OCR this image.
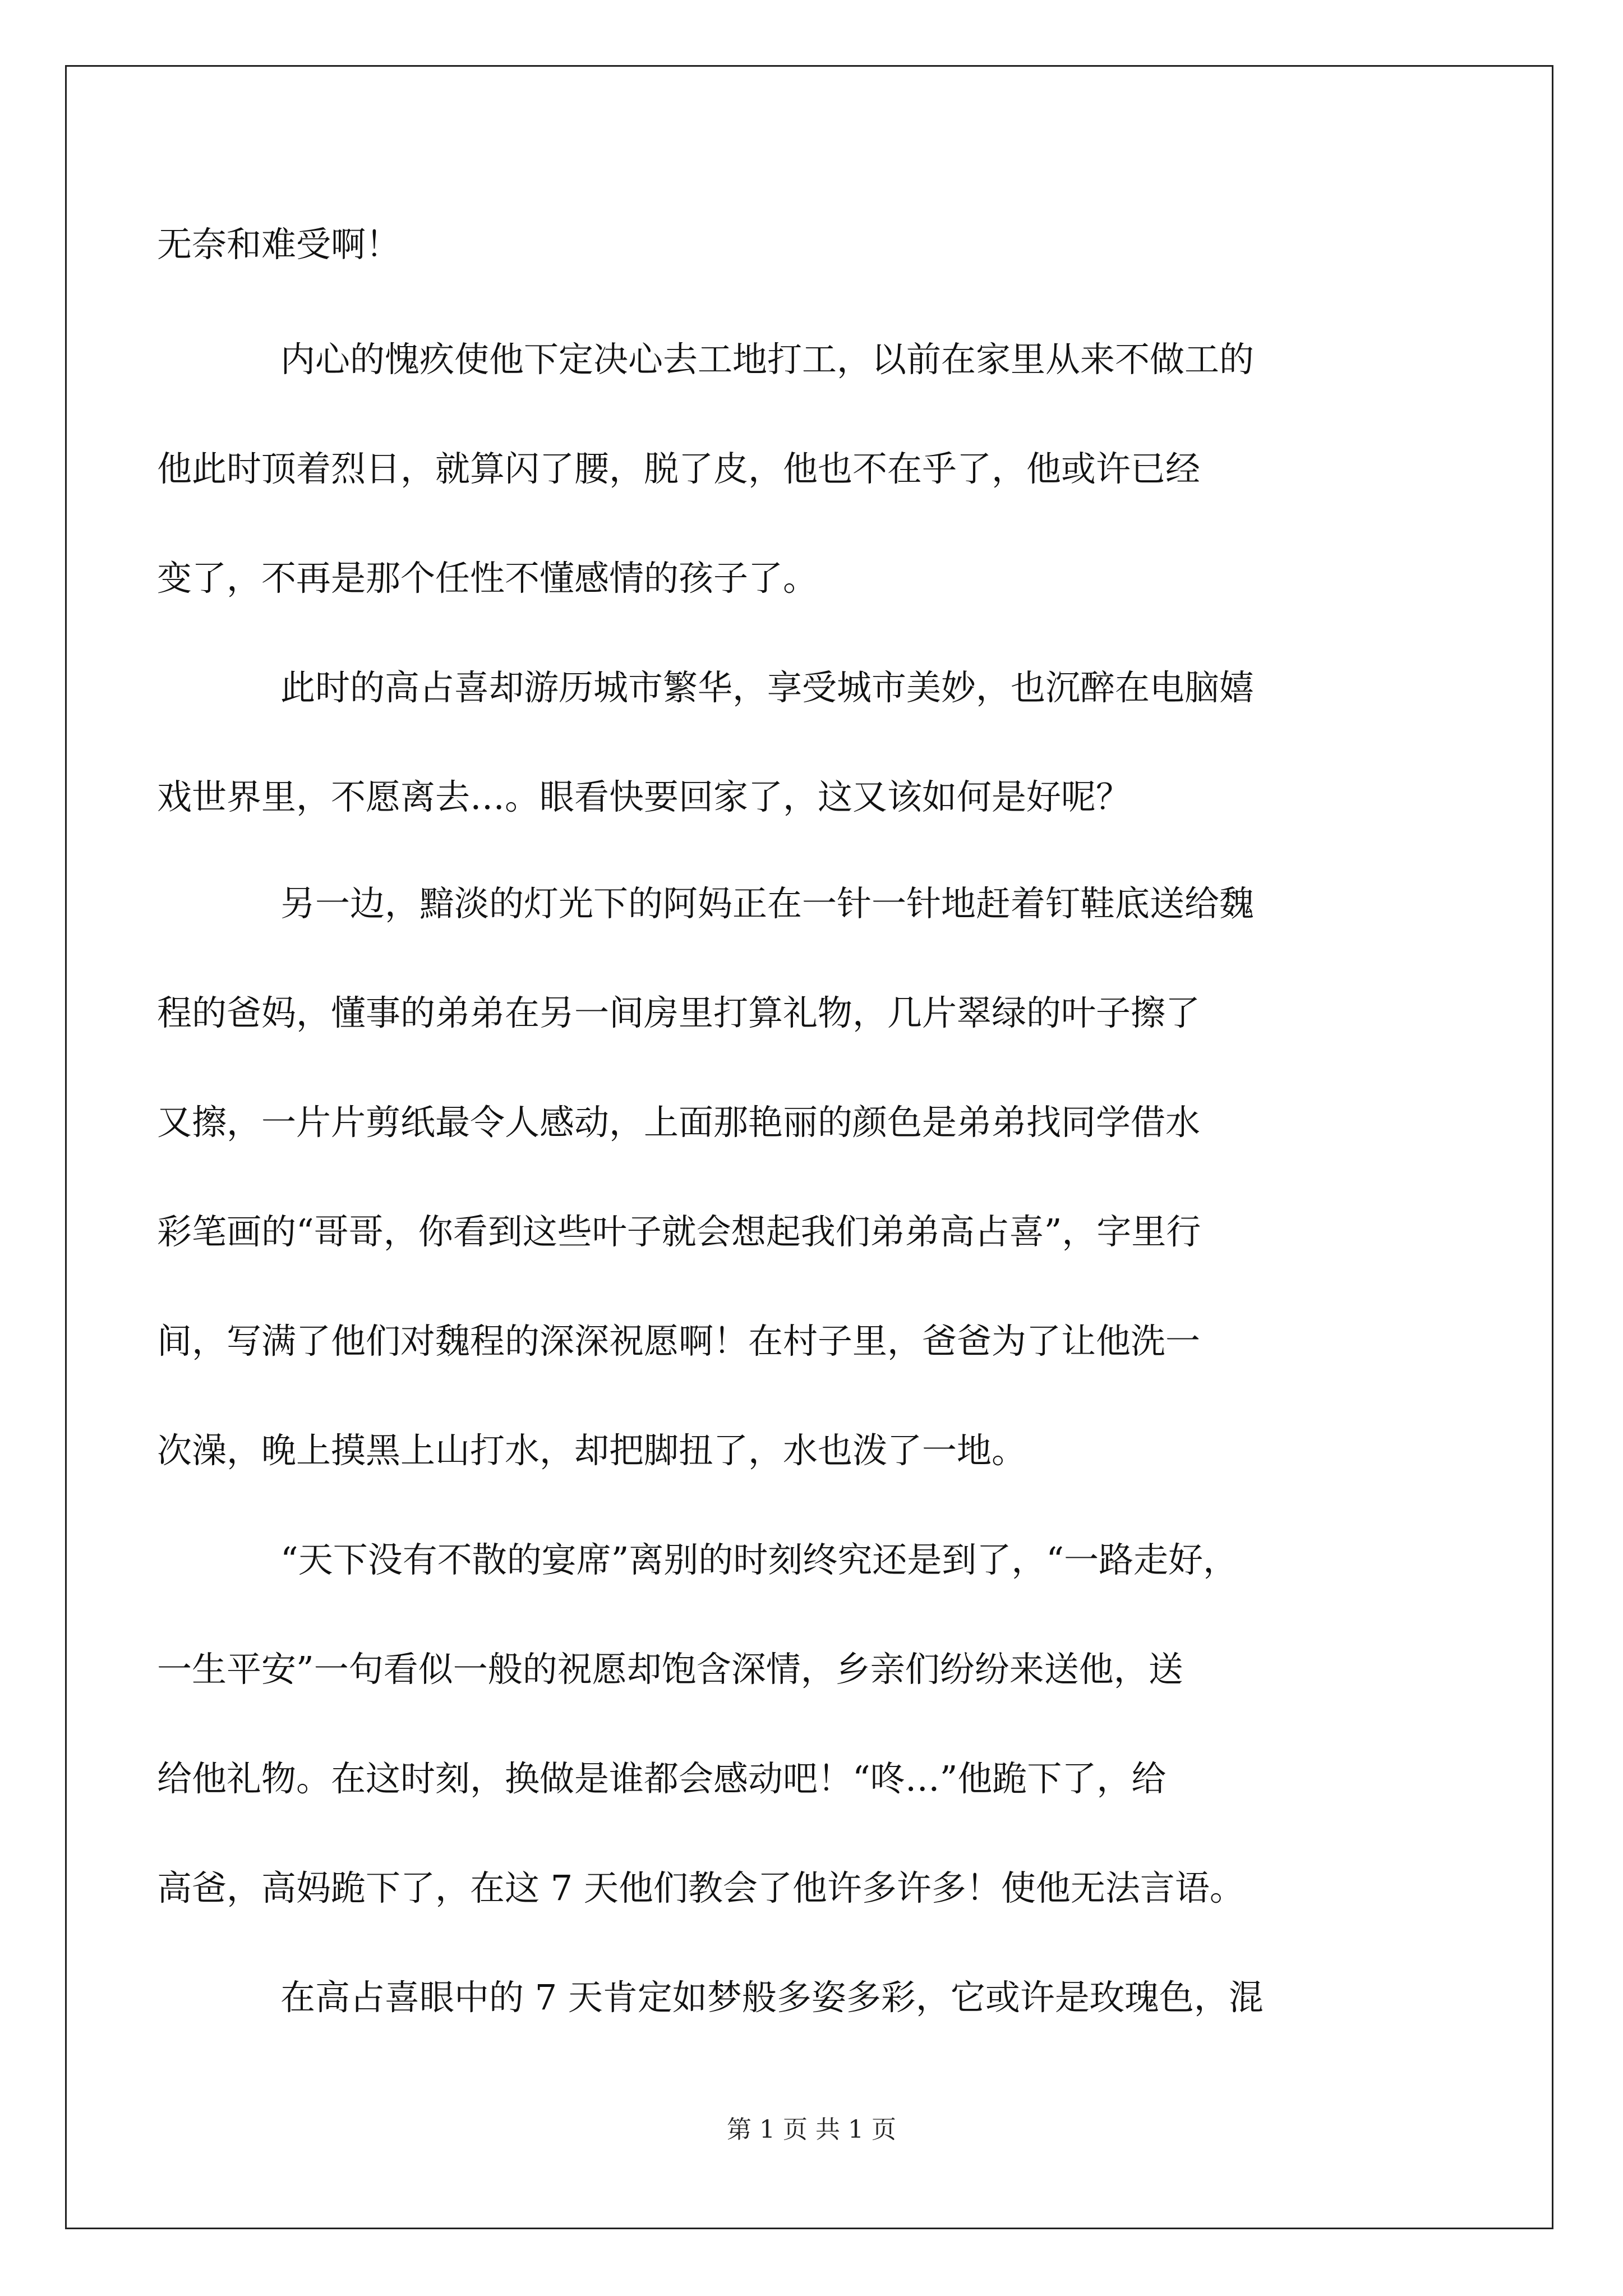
无奈和难受啊！
内心的愧疚使他下定决心去工地打工，以前在家里从来不做工的
他此时顶着烈日，就算闪了腰，脱了皮，他也不在乎了，他或许已经
变了，不再是那个任性不懂感情的孩子了。
此时的高占喜却游历城市繁华，享受城市美妙，也沉醉在电脑嬉
戏世界里，不愿离去…。眼看快要回家了，这又该如何是好呢？
另一边，黯淡的灯光下的阿妈正在一针一针地赶着钉鞋底送给魏
程的爸妈，懂事的弟弟在另一间房里打算礼物，几片翠绿的叶子擦了
又擦，一片片剪纸最令人感动，上面那艳丽的颜色是弟弟找同学借水
彩笔画的“哥哥，你看到这些叶子就会想起我们弟弟高占喜”，字里行
间，写满了他们对魏程的深深祝愿啊！在村子里，爸爸为了让他洗一
次澡，晚上摸黑上山打水，却把脚扭了，水也泼了一地。
“天下没有不散的宴席”离别的时刻终究还是到了，“一路走好，
一生平安”一句看似一般的祝愿却饱含深情，乡亲们纷纷来送他，送
给他礼物。在这时刻，换做是谁都会感动吧！“咚…”他跪下了，给
高爸，高妈跪下了，在这 7 天他们教会了他许多许多！使他无法言语。
在高占喜眼中的 7 天肯定如梦般多姿多彩，它或许是玫瑰色，混
第 1 页 共 1 页
